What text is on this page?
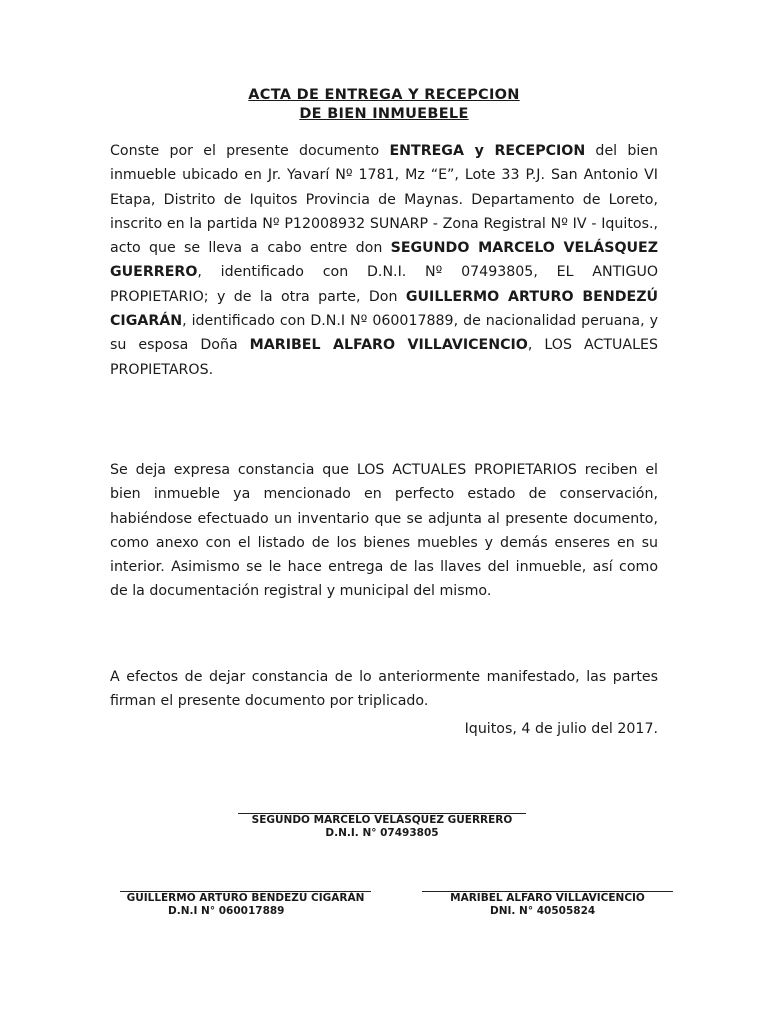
ACTA DE ENTREGA Y RECEPCION
DE BIEN INMUEBELE

Conste por el presente documento ENTREGA y RECEPCION del bien inmueble ubicado en Jr. Yavarí Nº 1781, Mz “E”, Lote 33 P.J. San Antonio VI Etapa, Distrito de Iquitos Provincia de Maynas. Departamento de Loreto, inscrito en la partida Nº P12008932 SUNARP - Zona Registral Nº IV - Iquitos., acto que se lleva a cabo entre don SEGUNDO MARCELO VELÁSQUEZ GUERRERO, identificado con D.N.I. Nº 07493805, EL ANTIGUO PROPIETARIO; y de la otra parte, Don GUILLERMO ARTURO BENDEZÚ CIGARÁN, identificado con D.N.I Nº 060017889, de nacionalidad peruana, y su esposa Doña MARIBEL ALFARO VILLAVICENCIO, LOS ACTUALES PROPIETAROS.

Se deja expresa constancia que LOS ACTUALES PROPIETARIOS reciben el bien inmueble ya mencionado en perfecto estado de conservación, habiéndose efectuado un inventario que se adjunta al presente documento, como anexo con el listado de los bienes muebles y demás enseres en su interior. Asimismo se le hace entrega de las llaves del inmueble, así como de la documentación registral y municipal del mismo.

A efectos de dejar constancia de lo anteriormente manifestado, las partes firman el presente documento por triplicado.

Iquitos, 4 de julio del 2017.

SEGUNDO MARCELO VELÁSQUEZ GUERRERO
D.N.I. N° 07493805
GUILLERMO ARTURO BENDEZÚ CIGARÁN
D.N.I N° 060017889
MARIBEL ALFARO VILLAVICENCIO
DNI. N° 40505824
